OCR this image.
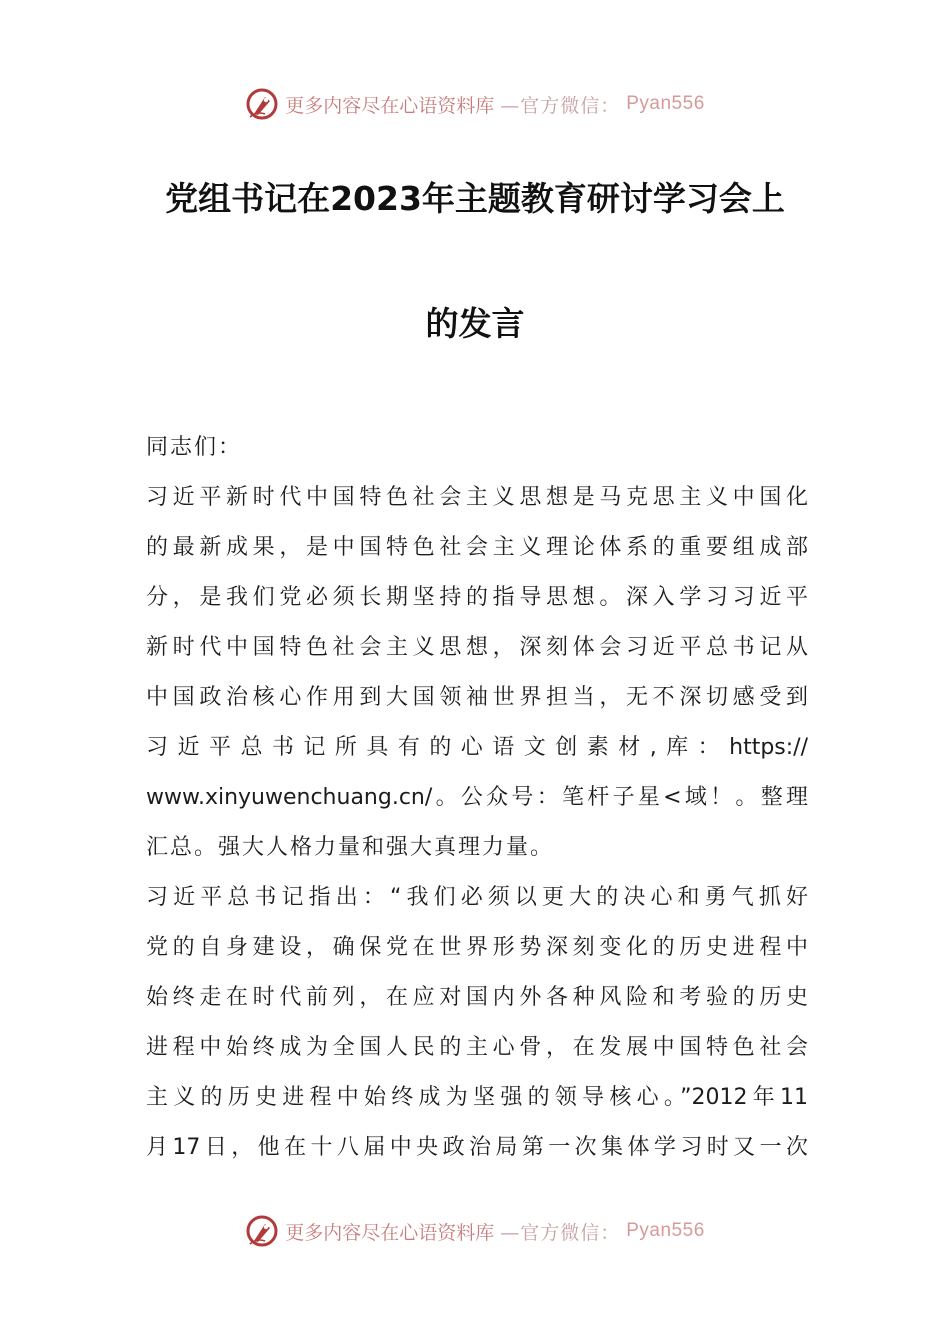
更多内容尽在心语资料库 —官方微信： Pyan556
党组书记在2023年主题教育研讨学习会上
的发言
同志们：
习近平新时代中国特色社会主义思想是马克思主义中国化
的最新成果，是中国特色社会主义理论体系的重要组成部
分，是我们党必须长期坚持的指导思想。深入学习习近平
新时代中国特色社会主义思想，深刻体会习近平总书记从
中国政治核心作用到大国领袖世界担当，无不深切感受到
习近平总书记所具有的心语文创素材,库：https://
www.xinyuwenchuang.cn/。公众号：笔杆子星<域！。整理
汇总。强大人格力量和强大真理力量。
习近平总书记指出：“我们必须以更大的决心和勇气抓好
党的自身建设，确保党在世界形势深刻变化的历史进程中
始终走在时代前列，在应对国内外各种风险和考验的历史
进程中始终成为全国人民的主心骨，在发展中国特色社会
主义的历史进程中始终成为坚强的领导核心。”2012年11
月17日，他在十八届中央政治局第一次集体学习时又一次
更多内容尽在心语资料库 —官方微信： Pyan556
